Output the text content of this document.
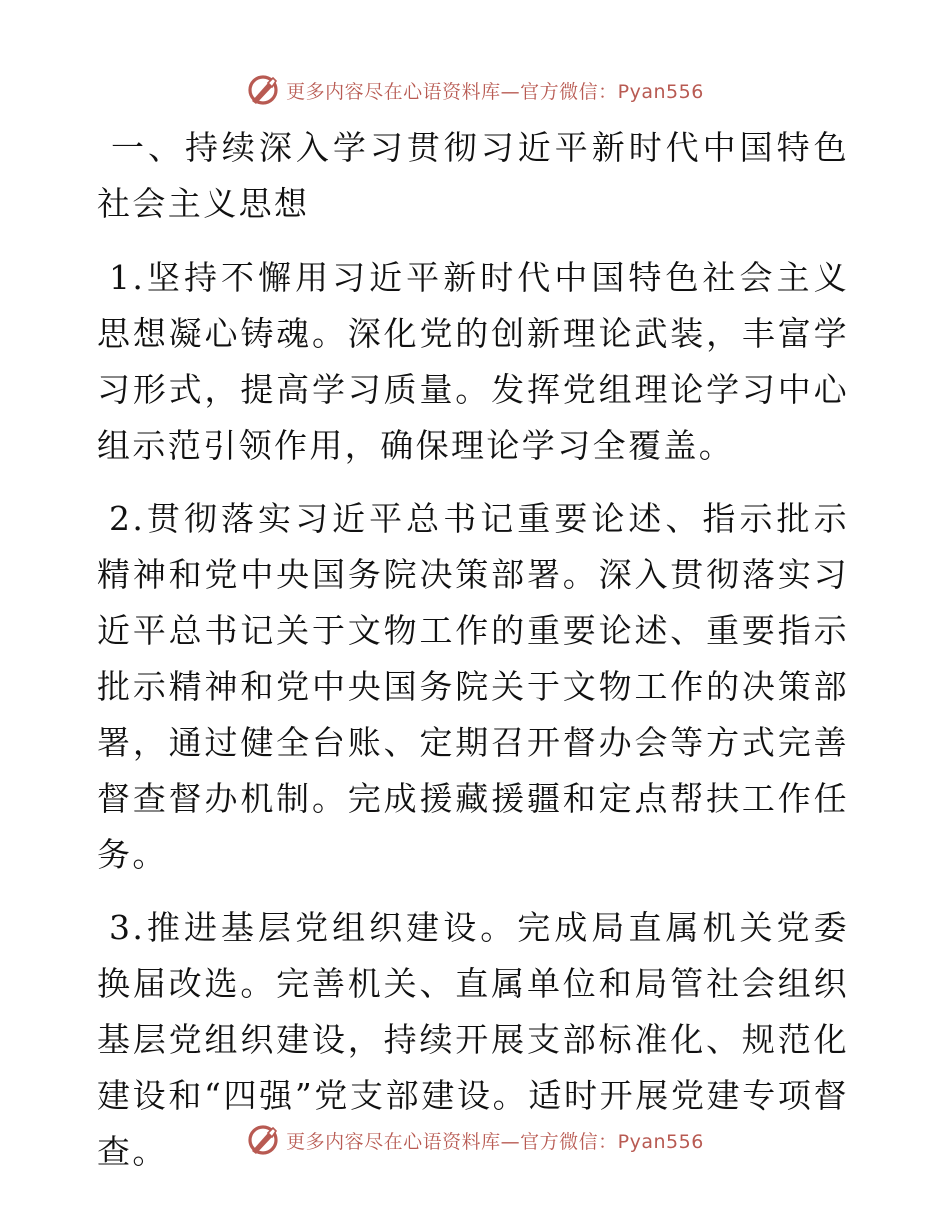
更多内容尽在心语资料库—官方微信：Pyan556

一、持续深入学习贯彻习近平新时代中国特色社会主义思想

1.坚持不懈用习近平新时代中国特色社会主义思想凝心铸魂。深化党的创新理论武装，丰富学习形式，提高学习质量。发挥党组理论学习中心组示范引领作用，确保理论学习全覆盖。

2.贯彻落实习近平总书记重要论述、指示批示精神和党中央国务院决策部署。深入贯彻落实习近平总书记关于文物工作的重要论述、重要指示批示精神和党中央国务院关于文物工作的决策部署，通过健全台账、定期召开督办会等方式完善督查督办机制。完成援藏援疆和定点帮扶工作任务。

3.推进基层党组织建设。完成局直属机关党委换届改选。完善机关、直属单位和局管社会组织基层党组织建设，持续开展支部标准化、规范化建设和“四强”党支部建设。适时开展党建专项督查。	更多内容尽在心语资料库—官方微信：Pyan556
